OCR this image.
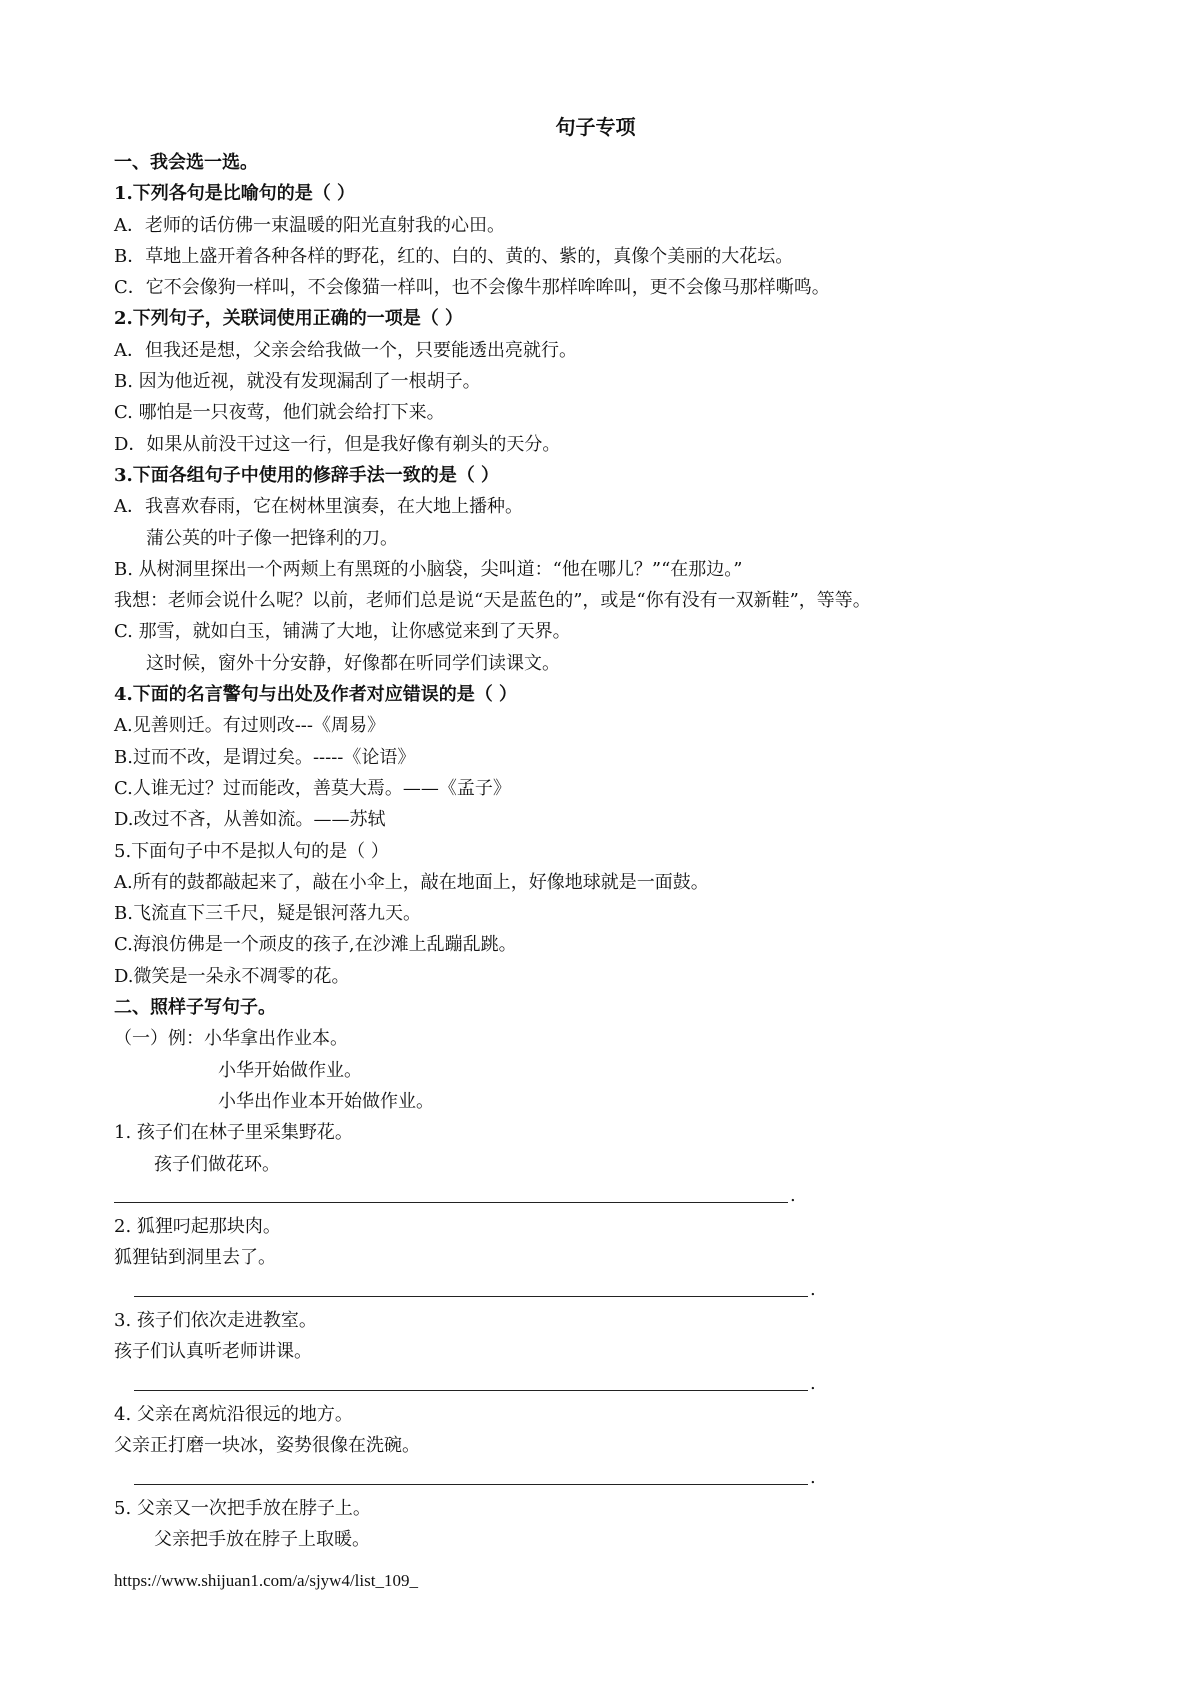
句子专项
一、我会选一选。
1.下列各句是比喻句的是（ ）
A．老师的话仿佛一束温暖的阳光直射我的心田。
B．草地上盛开着各种各样的野花，红的、白的、黄的、紫的，真像个美丽的大花坛。
C．它不会像狗一样叫，不会像猫一样叫，也不会像牛那样哞哞叫，更不会像马那样嘶鸣。
2.下列句子，关联词使用正确的一项是（ ）
A．但我还是想，父亲会给我做一个，只要能透出亮就行。
B. 因为他近视，就没有发现漏刮了一根胡子。
C. 哪怕是一只夜莺，他们就会给打下来。
D．如果从前没干过这一行，但是我好像有剃头的天分。
3.下面各组句子中使用的修辞手法一致的是（ ）
A．我喜欢春雨，它在树林里演奏，在大地上播种。
蒲公英的叶子像一把锋利的刀。
B. 从树洞里探出一个两颊上有黑斑的小脑袋，尖叫道：“他在哪儿？”“在那边。”
我想：老师会说什么呢？以前，老师们总是说“天是蓝色的”，或是“你有没有一双新鞋”，等等。
C. 那雪，就如白玉，铺满了大地，让你感觉来到了天界。
这时候，窗外十分安静，好像都在听同学们读课文。
4.下面的名言警句与出处及作者对应错误的是（ ）
A.见善则迁。有过则改---《周易》
B.过而不改，是谓过矣。-----《论语》
C.人谁无过？过而能改，善莫大焉。——《孟子》
D.改过不吝，从善如流。——苏轼
5.下面句子中不是拟人句的是（ ）
A.所有的鼓都敲起来了，敲在小伞上，敲在地面上，好像地球就是一面鼓。
B.飞流直下三千尺，疑是银河落九天。
C.海浪仿佛是一个顽皮的孩子,在沙滩上乱蹦乱跳。
D.微笑是一朵永不凋零的花。
二、照样子写句子。
（一）例：小华拿出作业本。
小华开始做作业。
小华出作业本开始做作业。
1. 孩子们在林子里采集野花。
孩子们做花环。
.
2. 狐狸叼起那块肉。
狐狸钻到洞里去了。
.
3. 孩子们依次走进教室。
孩子们认真听老师讲课。
.
4. 父亲在离炕沿很远的地方。
父亲正打磨一块冰，姿势很像在洗碗。
.
5. 父亲又一次把手放在脖子上。
父亲把手放在脖子上取暖。
https://www.shijuan1.com/a/sjyw4/list_109_
